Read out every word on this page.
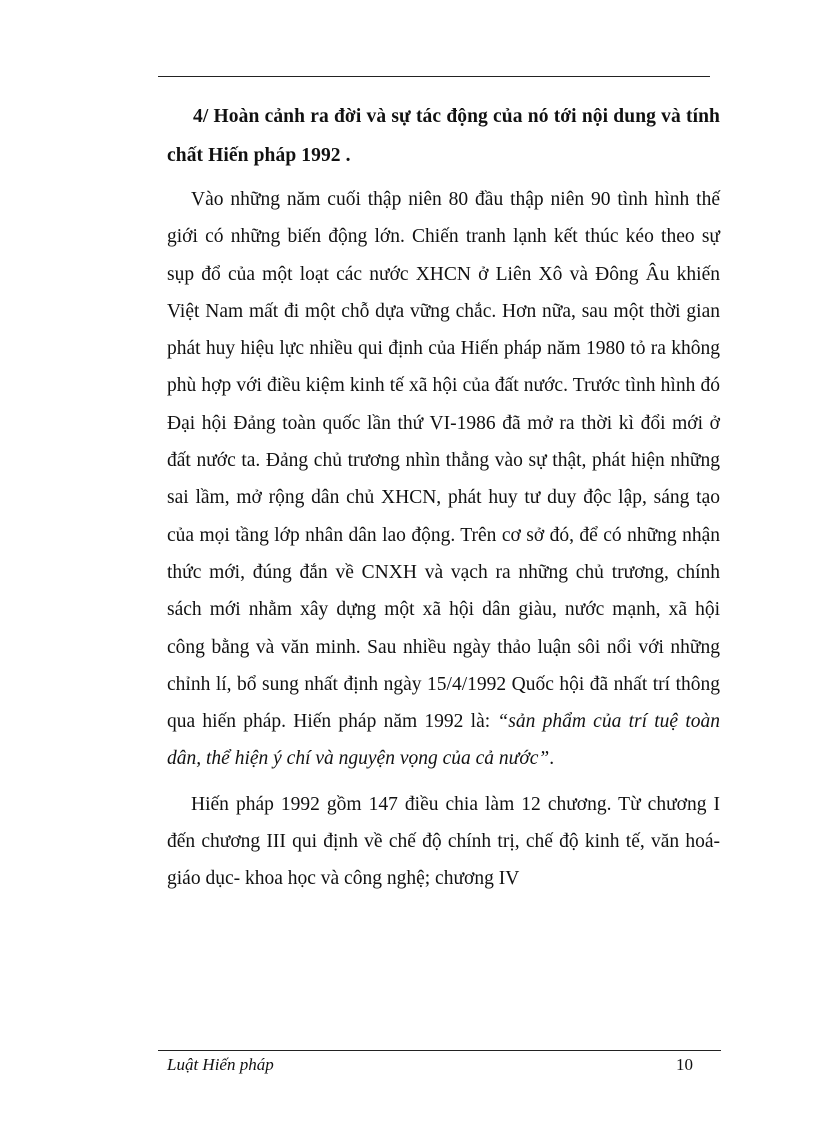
4/ Hoàn cảnh ra đời và sự tác động của nó tới nội dung và tính chất Hiến pháp 1992 .

Vào những năm cuối thập niên 80 đầu thập niên 90 tình hình thế giới có những biến động lớn. Chiến tranh lạnh kết thúc kéo theo sự sụp đổ của một loạt các nước XHCN ở Liên Xô và Đông Âu khiến Việt Nam mất đi một chỗ dựa vững chắc. Hơn nữa, sau một thời gian phát huy hiệu lực nhiều qui định của Hiến pháp năm 1980 tỏ ra không phù hợp với điều kiệm kinh tế xã hội của đất nước. Trước tình hình đó Đại hội Đảng toàn quốc lần thứ VI-1986 đã mở ra thời kì đổi mới ở đất nước ta. Đảng chủ trương nhìn thẳng vào sự thật, phát hiện những sai lầm, mở rộng dân chủ XHCN, phát huy tư duy độc lập, sáng tạo của mọi tầng lớp nhân dân lao động. Trên cơ sở đó, để có những nhận thức mới, đúng đắn về CNXH và vạch ra những chủ trương, chính sách mới nhằm xây dựng một xã hội dân giàu, nước mạnh, xã hội công bằng và văn minh. Sau nhiều ngày thảo luận sôi nổi với những chỉnh lí, bổ sung nhất định ngày 15/4/1992 Quốc hội đã nhất trí thông qua hiến pháp. Hiến pháp năm 1992 là: “sản phẩm của trí tuệ toàn dân, thể hiện ý chí và nguyện vọng của cả nước”.

Hiến pháp 1992 gồm 147 điều chia làm 12 chương. Từ chương I đến chương III qui định về chế độ chính trị, chế độ kinh tế, văn hoá-giáo dục- khoa học và công nghệ; chương IV

Luật Hiến pháp	10
